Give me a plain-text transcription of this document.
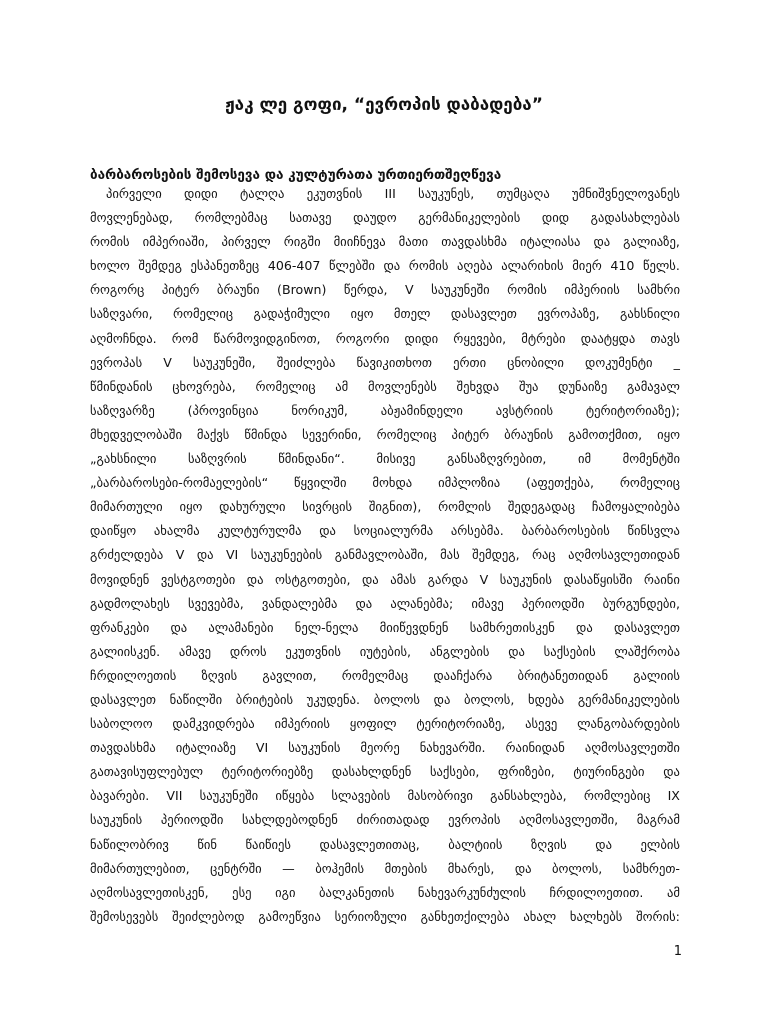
ჟაკ ლე გოფი, “ევროპის დაბადება”
ბარბაროსების შემოსევა და კულტურათა ურთიერთშეღწევა
პირველი დიდი ტალღა ეკუთვნის III საუკუნეს, თუმცაღა უმნიშვნელოვანეს
მოვლენებად, რომლებმაც სათავე დაუდო გერმანიკელების დიდ გადასახლებას
რომის იმპერიაში, პირველ რიგში მიიჩნევა მათი თავდასხმა იტალიასა და გალიაზე,
ხოლო შემდეგ ესპანეთზეც 406-407 წლებში და რომის აღება ალარიხის მიერ 410 წელს.
როგორც პიტერ ბრაუნი (Brown) წერდა, V საუკუნეში რომის იმპერიის სამხრი
საზღვარი, რომელიც გადაჭიმული იყო მთელ დასავლეთ ევროპაზე, გახსნილი
აღმოჩნდა. რომ წარმოვიდგინოთ, როგორი დიდი რყევები, მტრები დაატყდა თავს
ევროპას V საუკუნეში, შეიძლება წავიკითხოთ ერთი ცნობილი დოკუმენტი _
წმინდანის ცხოვრება, რომელიც ამ მოვლენებს შეხვდა შუა დუნაიზე გამავალ
საზღვარზე	(პროვინცია	ნორიკუმ,	აბჟამინდელი	ავსტრიის	ტერიტორიაზე);
მხედველობაში მაქვს წმინდა სევერინი, რომელიც პიტერ ბრაუნის გამოთქმით, იყო
„გახსნილი	საზღვრის	წმინდანი“.	მისივე	განსაზღვრებით,	იმ	მომენტში
„ბარბაროსები-რომაელების“ წყვილში მოხდა იმპლოზია (აფეთქება, რომელიც
მიმართული იყო დახურული სივრცის შიგნით), რომლის შედეგადაც ჩამოყალიბება
დაიწყო ახალმა კულტურულმა და სოციალურმა არსებმა. ბარბაროსების წინსვლა
გრძელდება V და VI საუკუნეების განმავლობაში, მას შემდეგ, რაც აღმოსავლეთიდან
მოვიდნენ ვესტგოთები და ოსტგოთები, და ამას გარდა V საუკუნის დასაწყისში რაინი
გადმოლახეს სვევებმა, ვანდალებმა და ალანებმა; იმავე პერიოდში ბურგუნდები,
ფრანკები და ალამანები ნელ-ნელა მიიწევდნენ სამხრეთისკენ და დასავლეთ
გალიისკენ. ამავე დროს ეკუთვნის იუტების, ანგლების და საქსების ლაშქრობა
ჩრდილოეთის ზღვის გავლით, რომელმაც დააჩქარა ბრიტანეთიდან გალიის
დასავლეთ ნაწილში ბრიტების უკუდენა. ბოლოს და ბოლოს, ხდება გერმანიკელების
საბოლოო დამკვიდრება იმპერიის ყოფილ ტერიტორიაზე, ასევე ლანგობარდების
თავდასხმა იტალიაზე VI საუკუნის მეორე ნახევარში. რაინიდან აღმოსავლეთში
გათავისუფლებულ ტერიტორიებზე დასახლდნენ საქსები, ფრიზები, ტიურინგები და
ბავარები. VII საუკუნეში იწყება სლავების მასობრივი განსახლება, რომლებიც IX
საუკუნის პერიოდში სახლდებოდნენ ძირითადად ევროპის აღმოსავლეთში, მაგრამ
ნაწილობრივ წინ წაიწიეს დასავლეთითაც, ბალტიის ზღვის და ელბის
მიმართულებით, ცენტრში — ბოჰემის მთების მხარეს, და ბოლოს, სამხრეთ-
აღმოსავლეთისკენ, ესე იგი ბალკანეთის ნახევარკუნძულის ჩრდილოეთით. ამ
შემოსევებს შეიძლებოდ გამოეწვია სერიოზული განხეთქილება ახალ ხალხებს შორის:
1
